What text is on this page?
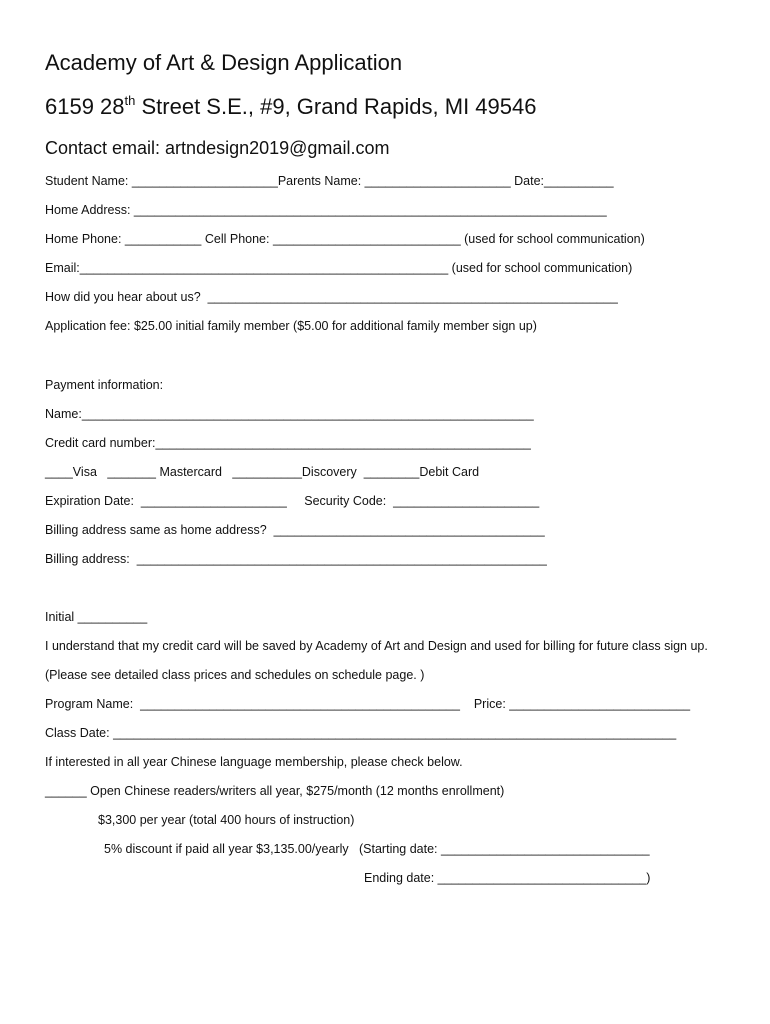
Academy of Art & Design Application
6159 28th Street S.E., #9, Grand Rapids, MI 49546
Contact email: artndesign2019@gmail.com
Student Name: _____________________Parents Name: _____________________ Date:__________
Home Address: ____________________________________________________________________
Home Phone: ___________ Cell Phone: ___________________________ (used for school communication)
Email:_____________________________________________________ (used for school communication)
How did you hear about us?  ___________________________________________________________
Application fee: $25.00 initial family member ($5.00 for additional family member sign up)
Payment information:
Name:_________________________________________________________________
Credit card number:______________________________________________________
____Visa   _______ Mastercard   __________Discovery  ________Debit Card
Expiration Date:  _____________________     Security Code:  _____________________
Billing address same as home address?  _______________________________________
Billing address:  ___________________________________________________________
Initial __________
I understand that my credit card will be saved by Academy of Art and Design and used for billing for future class sign up.
(Please see detailed class prices and schedules on schedule page. )
Program Name:  ______________________________________________    Price: __________________________
Class Date: _________________________________________________________________________________
If interested in all year Chinese language membership, please check below.
______ Open Chinese readers/writers all year, $275/month (12 months enrollment)
$3,300 per year (total 400 hours of instruction)
5% discount if paid all year $3,135.00/yearly   (Starting date: ______________________________
Ending date: ______________________________)
